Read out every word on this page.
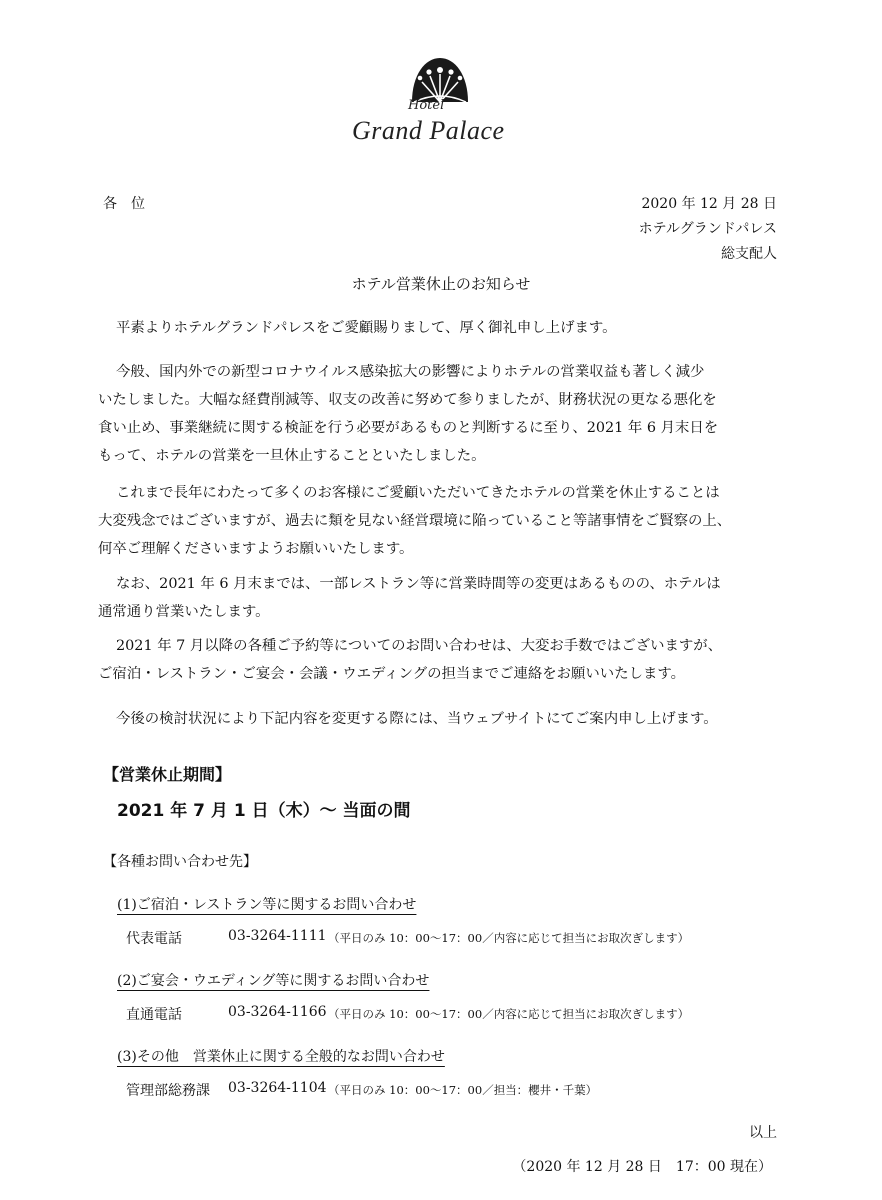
Hotel
Grand Palace
各　位	2020 年 12 月 28 日
ホテルグランドパレス
総支配人
ホテル営業休止のお知らせ

平素よりホテルグランドパレスをご愛顧賜りまして、厚く御礼申し上げます。

今般、国内外での新型コロナウイルス感染拡大の影響によりホテルの営業収益も著しく減少

いたしました。大幅な経費削減等、収支の改善に努めて参りましたが、財務状況の更なる悪化を

食い止め、事業継続に関する検証を行う必要があるものと判断するに至り、2021 年 6 月末日を

もって、ホテルの営業を一旦休止することといたしました。

これまで長年にわたって多くのお客様にご愛顧いただいてきたホテルの営業を休止することは

大変残念ではございますが、過去に類を見ない経営環境に陥っていること等諸事情をご賢察の上、

何卒ご理解くださいますようお願いいたします。

なお、2021 年 6 月末までは、一部レストラン等に営業時間等の変更はあるものの、ホテルは

通常通り営業いたします。

2021 年 7 月以降の各種ご予約等についてのお問い合わせは、大変お手数ではございますが、

ご宿泊・レストラン・ご宴会・会議・ウエディングの担当までご連絡をお願いいたします。

今後の検討状況により下記内容を変更する際には、当ウェブサイトにてご案内申し上げます。

【営業休止期間】
2021 年 7 月 1 日（木）～ 当面の間
【各種お問い合わせ先】
(1)ご宿泊・レストラン等に関するお問い合わせ
代表電話	03-3264-1111 （平日のみ 10：00～17：00／内容に応じて担当にお取次ぎします）
(2)ご宴会・ウエディング等に関するお問い合わせ
直通電話	03-3264-1166 （平日のみ 10：00～17：00／内容に応じて担当にお取次ぎします）
(3)その他　営業休止に関する全般的なお問い合わせ
管理部総務課 03-3264-1104 （平日のみ 10：00～17：00／担当：櫻井・千葉）
以上
（2020 年 12 月 28 日　17：00 現在）
